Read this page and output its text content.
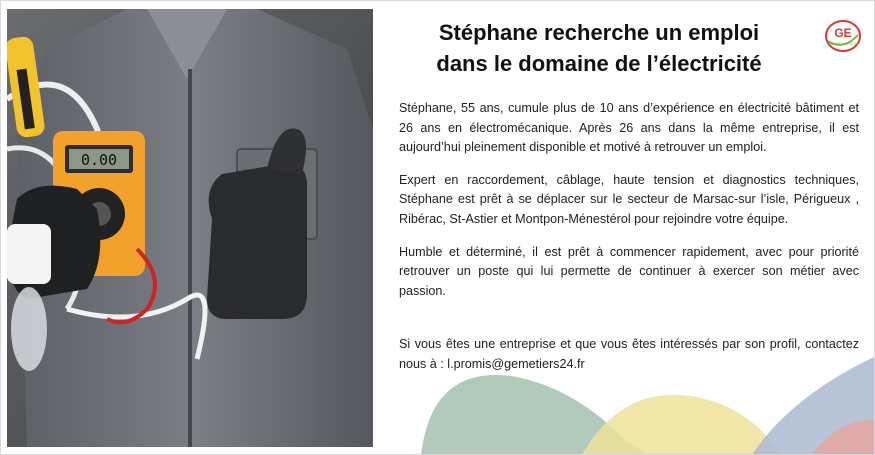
0.00
Stéphane recherche un emploi
dans le domaine de l’électricité
GE
GE METIERS 24

Stéphane, 55 ans, cumule plus de 10 ans d’expérience en électricité bâtiment et 26 ans en électromécanique. Après 26 ans dans la même entreprise, il est aujourd’hui pleinement disponible et motivé à retrouver un emploi.

Expert en raccordement, câblage, haute tension et diagnostics techniques, Stéphane est prêt à se déplacer sur le secteur de Marsac-sur l’isle, Périgueux , Ribérac, St-Astier et Montpon-Ménestérol pour rejoindre votre équipe.

Humble et déterminé, il est prêt à commencer rapidement, avec pour priorité retrouver un poste qui lui permette de continuer à exercer son métier avec passion.

Si vous êtes une entreprise et que vous êtes intéressés par son profil, contactez nous à : l.promis@gemetiers24.fr
